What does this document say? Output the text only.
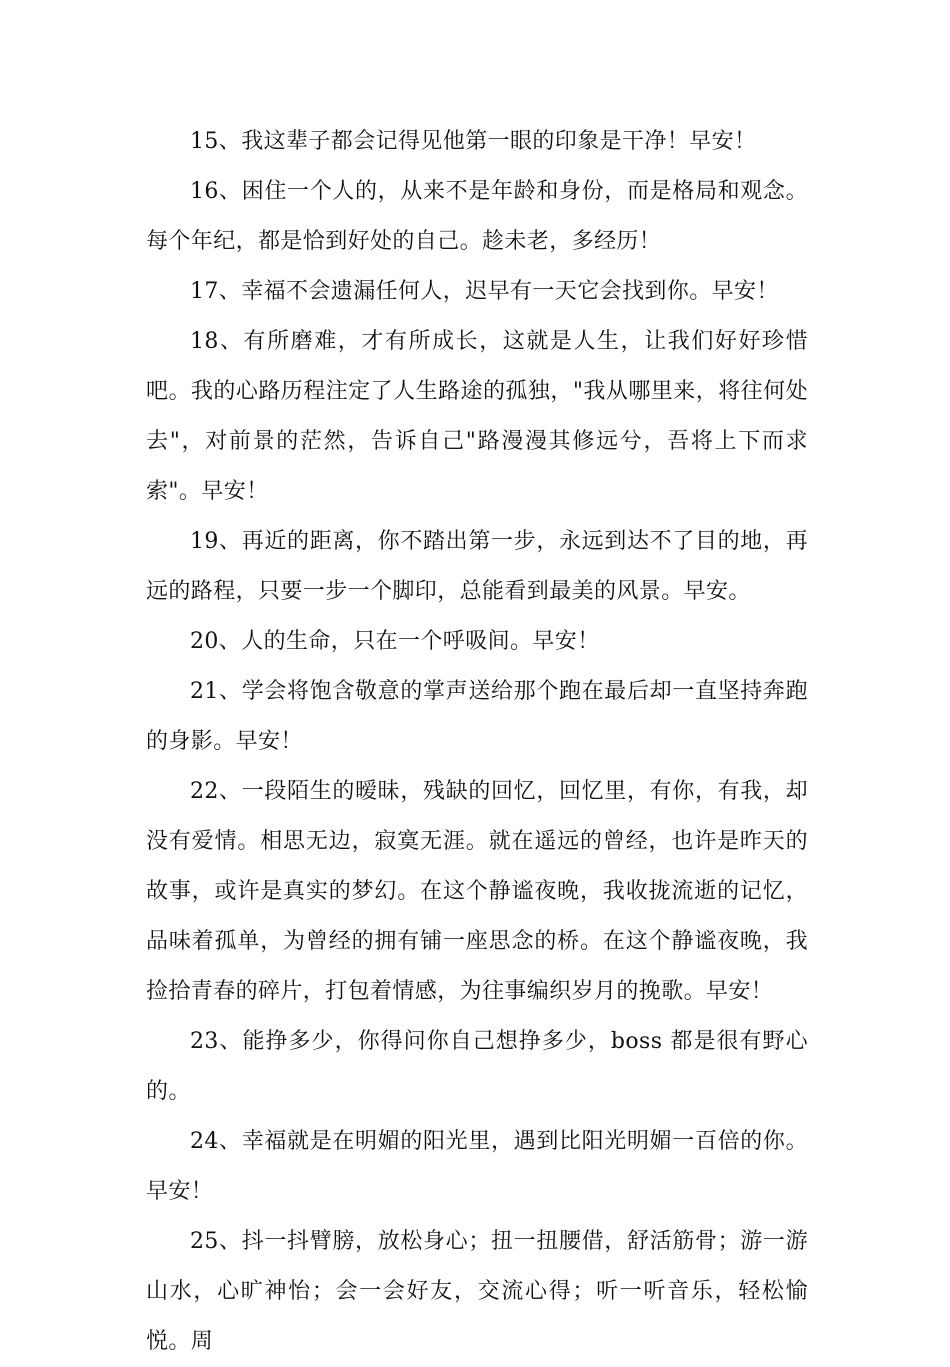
15、我这辈子都会记得见他第一眼的印象是干净！早安！

16、困住一个人的，从来不是年龄和身份，而是格局和观念。每个年纪，都是恰到好处的自己。趁未老，多经历！

17、幸福不会遗漏任何人，迟早有一天它会找到你。早安！

18、有所磨难，才有所成长，这就是人生，让我们好好珍惜吧。我的心路历程注定了人生路途的孤独，"我从哪里来，将往何处去"，对前景的茫然，告诉自己"路漫漫其修远兮，吾将上下而求索"。早安！

19、再近的距离，你不踏出第一步，永远到达不了目的地，再远的路程，只要一步一个脚印，总能看到最美的风景。早安。

20、人的生命，只在一个呼吸间。早安！

21、学会将饱含敬意的掌声送给那个跑在最后却一直坚持奔跑的身影。早安！

22、一段陌生的暧昧，残缺的回忆，回忆里，有你，有我，却没有爱情。相思无边，寂寞无涯。就在遥远的曾经，也许是昨天的故事，或许是真实的梦幻。在这个静谧夜晚，我收拢流逝的记忆，品味着孤单，为曾经的拥有铺一座思念的桥。在这个静谧夜晚，我捡拾青春的碎片，打包着情感，为往事编织岁月的挽歌。早安！

23、能挣多少，你得问你自己想挣多少，boss 都是很有野心的。

24、幸福就是在明媚的阳光里，遇到比阳光明媚一百倍的你。早安！

25、抖一抖臂膀，放松身心；扭一扭腰借，舒活筋骨；游一游山水，心旷神怡；会一会好友，交流心得；听一听音乐，轻松愉悦。周
